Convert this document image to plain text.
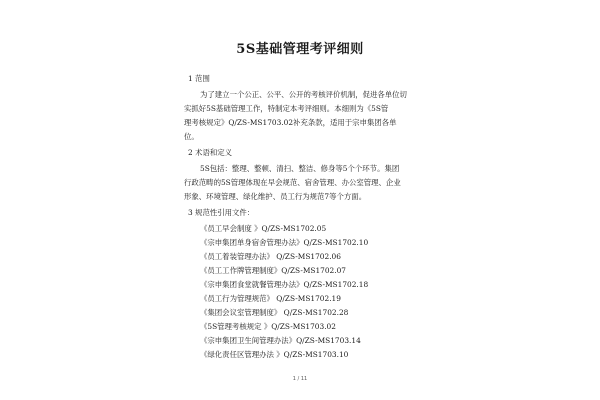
5S基础管理考评细则
1 范围
为了建立一个公正、公平、公开的考核评价机制，促进各单位切
实抓好5S基础管理工作，特制定本考评细则。本细则为《5S管
理考核规定》Q/ZS-MS1703.02补充条款，适用于宗申集团各单
位。
2 术语和定义
5S包括：整理、整顿、清扫、整洁、修身等5个个环节。集团
行政范畴的5S管理体现在早会规范、宿舍管理、办公室管理、企业
形象、环境管理、绿化维护、员工行为规范7等个方面。
3 规范性引用文件：
《员工早会制度 》Q/ZS-MS1702.05
《宗申集团单身宿舍管理办法》Q/ZS-MS1702.10
《员工着装管理办法》 Q/ZS-MS1702.06
《员工工作牌管理制度》Q/ZS-MS1702.07
《宗申集团食堂就餐管理办法》Q/ZS-MS1702.18
《员工行为管理规范》 Q/ZS-MS1702.19
《集团会议室管理制度》 Q/ZS-MS1702.28
《5S管理考核规定 》Q/ZS-MS1703.02
《宗申集团卫生间管理办法》Q/ZS-MS1703.14
《绿化责任区管理办法 》Q/ZS-MS1703.10
1 / 11
